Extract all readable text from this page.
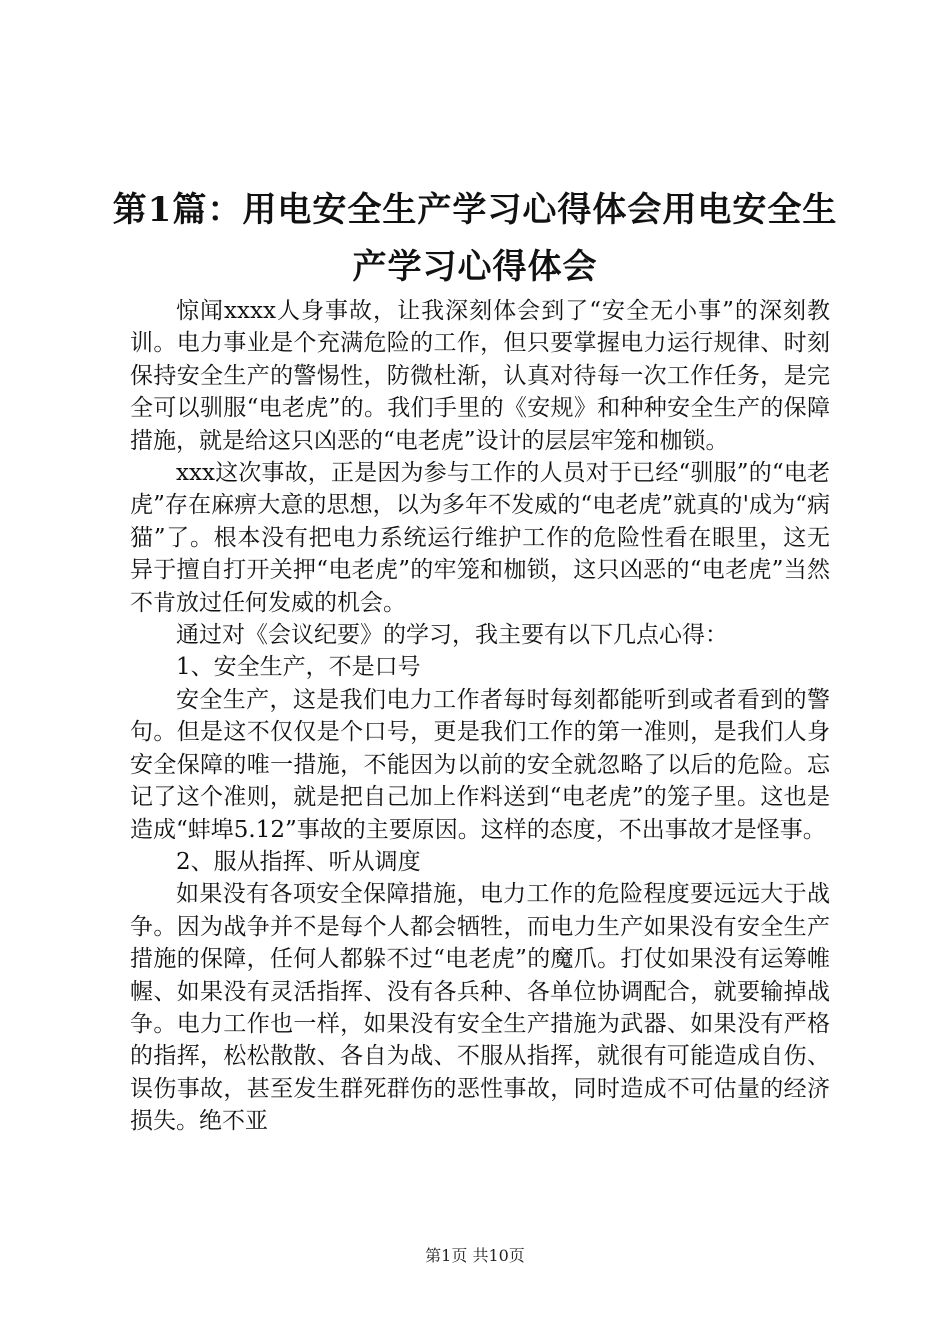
第1篇：用电安全生产学习心得体会用电安全生产学习心得体会

惊闻xxxx人身事故，让我深刻体会到了“安全无小事”的深刻教训。电力事业是个充满危险的工作，但只要掌握电力运行规律、时刻保持安全生产的警惕性，防微杜渐，认真对待每一次工作任务，是完全可以驯服“电老虎”的。我们手里的《安规》和种种安全生产的保障措施，就是给这只凶恶的“电老虎”设计的层层牢笼和枷锁。

xxx这次事故，正是因为参与工作的人员对于已经“驯服”的“电老虎”存在麻痹大意的思想，以为多年不发威的“电老虎”就真的'成为“病猫”了。根本没有把电力系统运行维护工作的危险性看在眼里，这无异于擅自打开关押“电老虎”的牢笼和枷锁，这只凶恶的“电老虎”当然不肯放过任何发威的机会。

通过对《会议纪要》的学习，我主要有以下几点心得：

1、安全生产，不是口号

安全生产，这是我们电力工作者每时每刻都能听到或者看到的警句。但是这不仅仅是个口号，更是我们工作的第一准则，是我们人身安全保障的唯一措施，不能因为以前的安全就忽略了以后的危险。忘记了这个准则，就是把自己加上作料送到“电老虎”的笼子里。这也是造成“蚌埠5.12”事故的主要原因。这样的态度，不出事故才是怪事。

2、服从指挥、听从调度

如果没有各项安全保障措施，电力工作的危险程度要远远大于战争。因为战争并不是每个人都会牺牲，而电力生产如果没有安全生产措施的保障，任何人都躲不过“电老虎”的魔爪。打仗如果没有运筹帷幄、如果没有灵活指挥、没有各兵种、各单位协调配合，就要输掉战争。电力工作也一样，如果没有安全生产措施为武器、如果没有严格的指挥，松松散散、各自为战、不服从指挥，就很有可能造成自伤、误伤事故，甚至发生群死群伤的恶性事故，同时造成不可估量的经济损失。绝不亚

第1页 共10页
